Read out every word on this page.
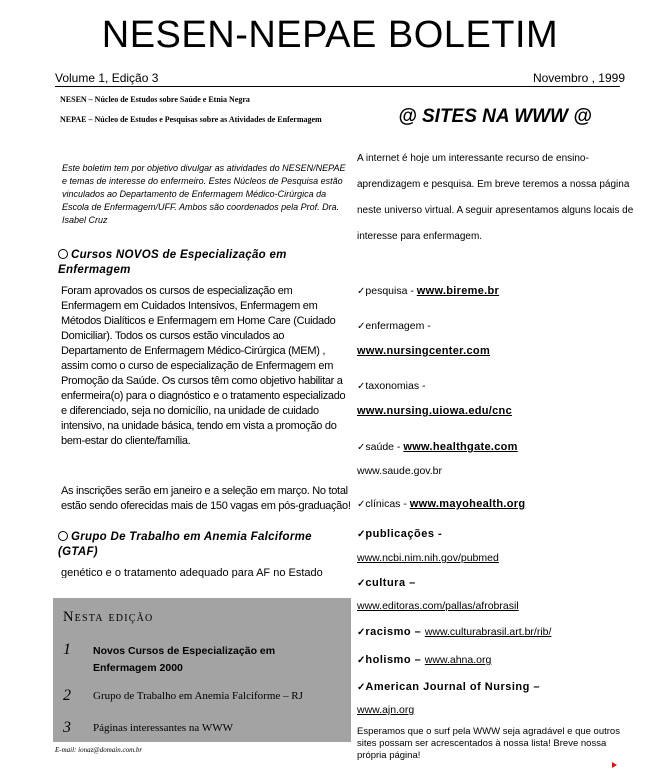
NESEN-NEPAE BOLETIM
Volume 1, Edição 3	Novembro , 1999
NESEN – Núcleo de Estudos sobre Saúde e Etnia Negra
NEPAE – Núcleo de Estudos e Pesquisas sobre as Atividades de Enfermagem
Este boletim tem por objetivo divulgar as atividades do NESEN/NEPAE e temas de interesse do enfermeiro. Estes Núcleos de Pesquisa estão vinculados ao Departamento de Enfermagem Médico-Cirúrgica da Escola de Enfermagem/UFF. Ambos são coordenados pela Prof. Dra. Isabel Cruz
Cursos NOVOS de Especialização em Enfermagem
Foram aprovados os cursos de especialização em Enfermagem em Cuidados Intensivos, Enfermagem em Métodos Dialíticos e Enfermagem em Home Care (Cuidado Domiciliar). Todos os cursos estão vinculados ao Departamento de Enfermagem Médico-Cirúrgica (MEM) , assim como o curso de especialização de Enfermagem em Promoção da Saúde. Os cursos têm como objetivo habilitar a enfermeira(o) para o diagnóstico e o tratamento especializado e diferenciado, seja no domicílio, na unidade de cuidado intensivo, na unidade básica, tendo em vista a promoção do bem-estar do cliente/família.
As inscrições serão em janeiro e a seleção em março. No total estão sendo oferecidas mais de 150 vagas em pós-graduação!
Grupo De Trabalho em Anemia Falciforme (GTAF)
genético e o tratamento adequado para AF no Estado
Nesta edição
1 Novos Cursos de Especialização em Enfermagem 2000
2 Grupo de Trabalho em Anemia Falciforme – RJ
3 Páginas interessantes na WWW
E-mail: ionaz@domain.com.br
@ SITES NA WWW @
A internet é hoje um interessante recurso de ensino-aprendizagem e pesquisa. Em breve teremos a nossa página neste universo virtual. A seguir apresentamos alguns locais de interesse para enfermagem.
✓pesquisa - www.bireme.br
✓enfermagem -
www.nursingcenter.com
✓taxonomias -
www.nursing.uiowa.edu/cnc
✓saúde - www.healthgate.com
www.saude.gov.br
✓clínicas - www.mayohealth.org
✓publicações -
www.ncbi.nim.nih.gov/pubmed
✓cultura –
www.editoras.com/pallas/afrobrasil
✓racismo – www.culturabrasil.art.br/rib/
✓holismo – www.ahna.org
✓American Journal of Nursing –
www.ajn.org
Esperamos que o surf pela WWW seja agradável e que outros sites possam ser acrescentados à nossa lista! Breve nossa própria página!
